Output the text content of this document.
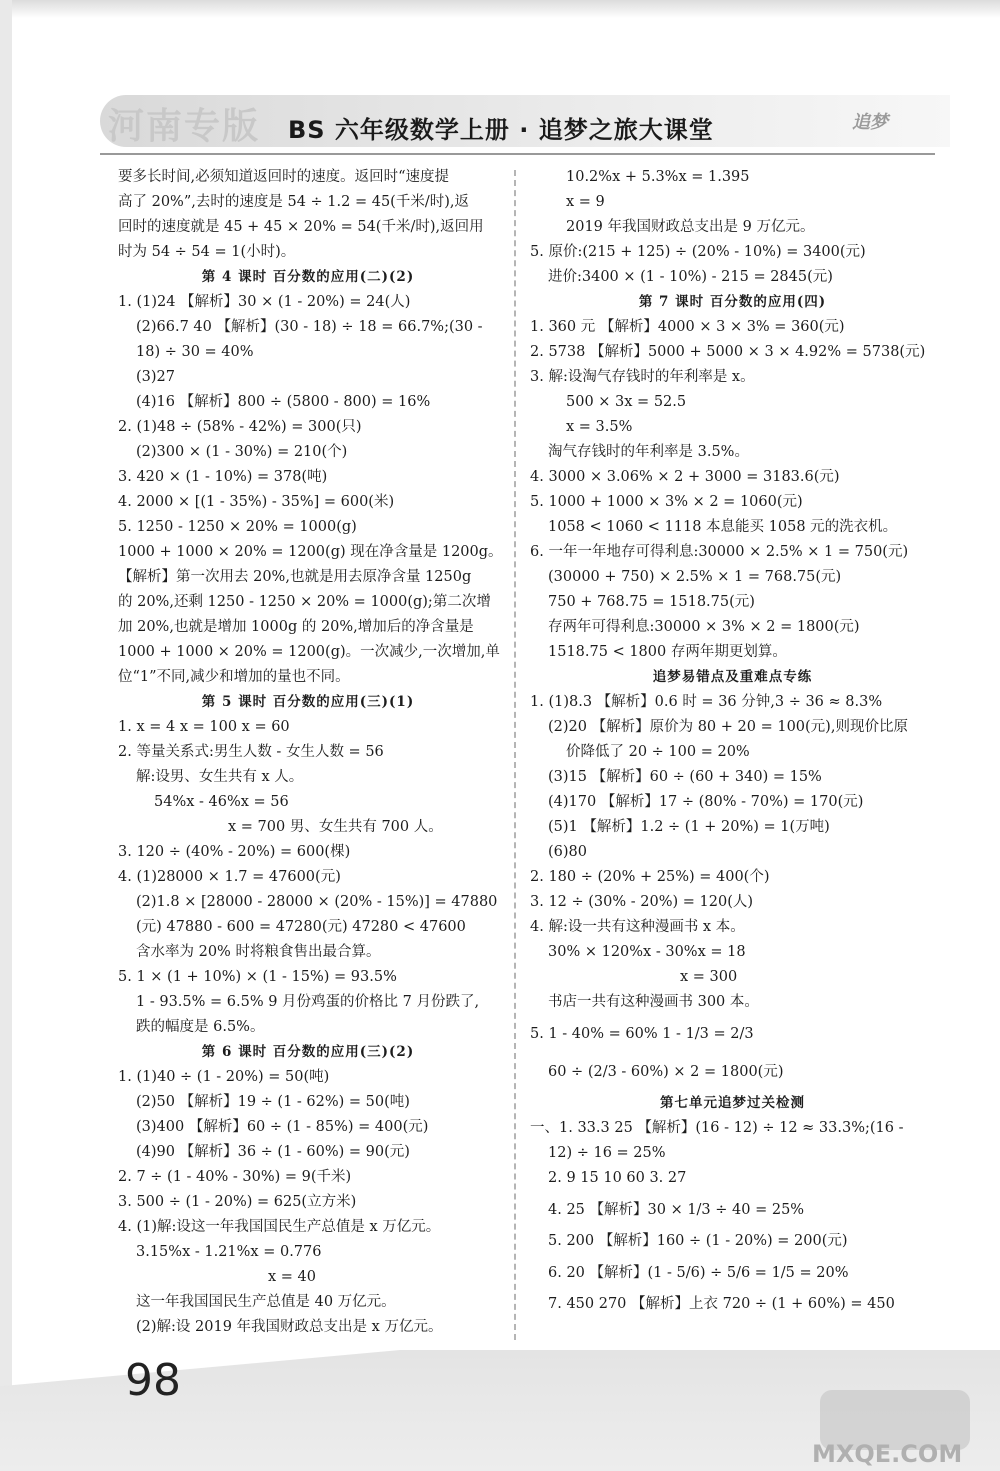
河南专版 BS 六年级数学上册 · 追梦之旅大课堂	追梦
要多长时间,必须知道返回时的速度。返回时“速度提
高了 20%”,去时的速度是 54 ÷ 1.2 = 45(千米/时),返
回时的速度就是 45 + 45 × 20% = 54(千米/时),返回用
时为 54 ÷ 54 = 1(小时)。
第 4 课时 百分数的应用(二)(2)
1. (1)24 【解析】30 × (1 - 20%) = 24(人)
(2)66.7 40 【解析】(30 - 18) ÷ 18 = 66.7%;(30 -
18) ÷ 30 = 40%
(3)27
(4)16 【解析】800 ÷ (5800 - 800) = 16%
2. (1)48 ÷ (58% - 42%) = 300(只)
(2)300 × (1 - 30%) = 210(个)
3. 420 × (1 - 10%) = 378(吨)
4. 2000 × [(1 - 35%) - 35%] = 600(米)
5. 1250 - 1250 × 20% = 1000(g)
1000 + 1000 × 20% = 1200(g) 现在净含量是 1200g。
【解析】第一次用去 20%,也就是用去原净含量 1250g
的 20%,还剩 1250 - 1250 × 20% = 1000(g);第二次增
加 20%,也就是增加 1000g 的 20%,增加后的净含量是
1000 + 1000 × 20% = 1200(g)。一次减少,一次增加,单
位“1”不同,减少和增加的量也不同。
第 5 课时 百分数的应用(三)(1)
1. x = 4 x = 100 x = 60
2. 等量关系式:男生人数 - 女生人数 = 56
解:设男、女生共有 x 人。
54%x - 46%x = 56
x = 700 男、女生共有 700 人。
3. 120 ÷ (40% - 20%) = 600(棵)
4. (1)28000 × 1.7 = 47600(元)
(2)1.8 × [28000 - 28000 × (20% - 15%)] = 47880
(元) 47880 - 600 = 47280(元) 47280 < 47600
含水率为 20% 时将粮食售出最合算。
5. 1 × (1 + 10%) × (1 - 15%) = 93.5%
1 - 93.5% = 6.5% 9 月份鸡蛋的价格比 7 月份跌了,
跌的幅度是 6.5%。
第 6 课时 百分数的应用(三)(2)
1. (1)40 ÷ (1 - 20%) = 50(吨)
(2)50 【解析】19 ÷ (1 - 62%) = 50(吨)
(3)400 【解析】60 ÷ (1 - 85%) = 400(元)
(4)90 【解析】36 ÷ (1 - 60%) = 90(元)
2. 7 ÷ (1 - 40% - 30%) = 9(千米)
3. 500 ÷ (1 - 20%) = 625(立方米)
4. (1)解:设这一年我国国民生产总值是 x 万亿元。
3.15%x - 1.21%x = 0.776
x = 40
这一年我国国民生产总值是 40 万亿元。
(2)解:设 2019 年我国财政总支出是 x 万亿元。
10.2%x + 5.3%x = 1.395
x = 9
2019 年我国财政总支出是 9 万亿元。
5. 原价:(215 + 125) ÷ (20% - 10%) = 3400(元)
进价:3400 × (1 - 10%) - 215 = 2845(元)
第 7 课时 百分数的应用(四)
1. 360 元 【解析】4000 × 3 × 3% = 360(元)
2. 5738 【解析】5000 + 5000 × 3 × 4.92% = 5738(元)
3. 解:设淘气存钱时的年利率是 x。
500 × 3x = 52.5
x = 3.5%
淘气存钱时的年利率是 3.5%。
4. 3000 × 3.06% × 2 + 3000 = 3183.6(元)
5. 1000 + 1000 × 3% × 2 = 1060(元)
1058 < 1060 < 1118 本息能买 1058 元的洗衣机。
6. 一年一年地存可得利息:30000 × 2.5% × 1 = 750(元)
(30000 + 750) × 2.5% × 1 = 768.75(元)
750 + 768.75 = 1518.75(元)
存两年可得利息:30000 × 3% × 2 = 1800(元)
1518.75 < 1800 存两年期更划算。
追梦易错点及重难点专练
1. (1)8.3 【解析】0.6 时 = 36 分钟,3 ÷ 36 ≈ 8.3%
(2)20 【解析】原价为 80 + 20 = 100(元),则现价比原
价降低了 20 ÷ 100 = 20%
(3)15 【解析】60 ÷ (60 + 340) = 15%
(4)170 【解析】17 ÷ (80% - 70%) = 170(元)
(5)1 【解析】1.2 ÷ (1 + 20%) = 1(万吨)
(6)80
2. 180 ÷ (20% + 25%) = 400(个)
3. 12 ÷ (30% - 20%) = 120(人)
4. 解:设一共有这种漫画书 x 本。
30% × 120%x - 30%x = 18
x = 300
书店一共有这种漫画书 300 本。
5. 1 - 40% = 60% 1 - 1/3 = 2/3
60 ÷ (2/3 - 60%) × 2 = 1800(元)
第七单元追梦过关检测
一、1. 33.3 25 【解析】(16 - 12) ÷ 12 ≈ 33.3%;(16 -
12) ÷ 16 = 25%
2. 9 15 10 60 3. 27
4. 25 【解析】30 × 1/3 ÷ 40 = 25%
5. 200 【解析】160 ÷ (1 - 20%) = 200(元)
6. 20 【解析】(1 - 5/6) ÷ 5/6 = 1/5 = 20%
7. 450 270 【解析】上衣 720 ÷ (1 + 60%) = 450
98
MXQE.COM
